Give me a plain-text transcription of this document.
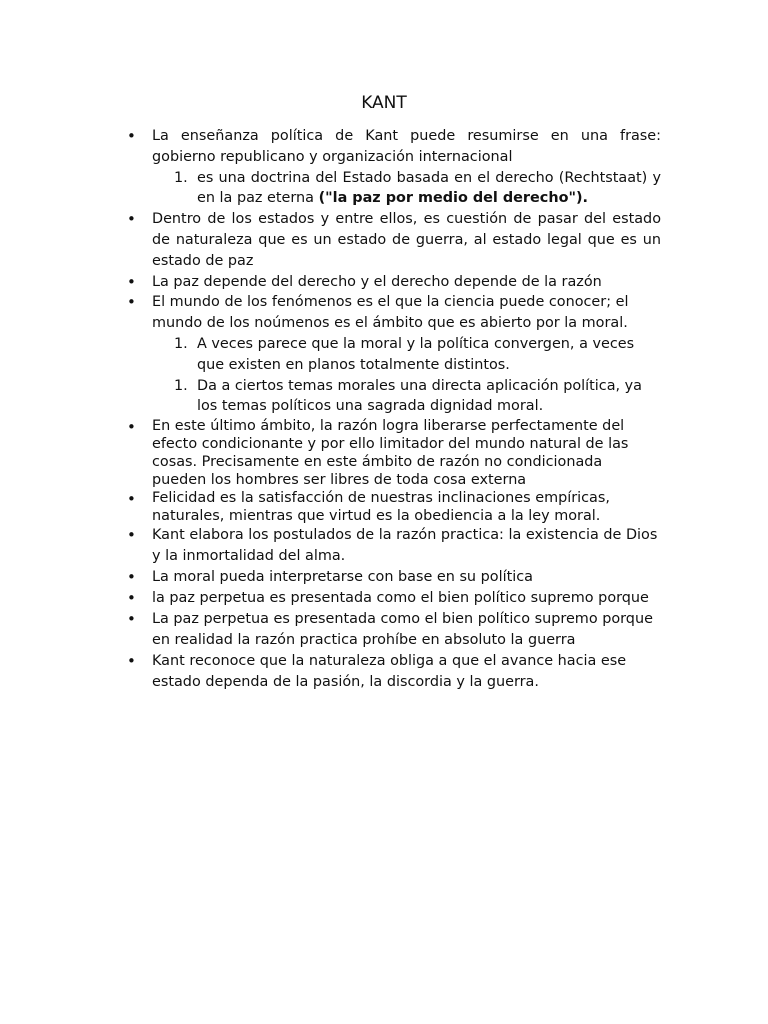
KANT
• La enseñanza política de Kant puede resumirse en una frase: gobierno republicano y organización internacional
1. es una doctrina del Estado basada en el derecho (Rechtstaat) y en la paz eterna ("la paz por medio del derecho").
• Dentro de los estados y entre ellos, es cuestión de pasar del estado de naturaleza que es un estado de guerra, al estado legal que es un estado de paz
• La paz depende del derecho y el derecho depende de la razón
• El mundo de los fenómenos es el que la ciencia puede conocer; el mundo de los noúmenos es el ámbito que es abierto por la moral.
1. A veces parece que la moral y la política convergen, a veces que existen en planos totalmente distintos.
1. Da a ciertos temas morales una directa aplicación política, ya los temas políticos una sagrada dignidad moral.
• En este último ámbito, la razón logra liberarse perfectamente del efecto condicionante y por ello limitador del mundo natural de las cosas. Precisamente en este ámbito de razón no condicionada pueden los hombres ser libres de toda cosa externa
• Felicidad es la satisfacción de nuestras inclinaciones empíricas, naturales, mientras que virtud es la obediencia a la ley moral.
• Kant elabora los postulados de la razón practica: la existencia de Dios y la inmortalidad del alma.
• La moral pueda interpretarse con base en su política
• la paz perpetua es presentada como el bien político supremo porque
• La paz perpetua es presentada como el bien político supremo porque en realidad la razón practica prohíbe en absoluto la guerra
• Kant reconoce que la naturaleza obliga a que el avance hacia ese estado dependa de la pasión, la discordia y la guerra.
